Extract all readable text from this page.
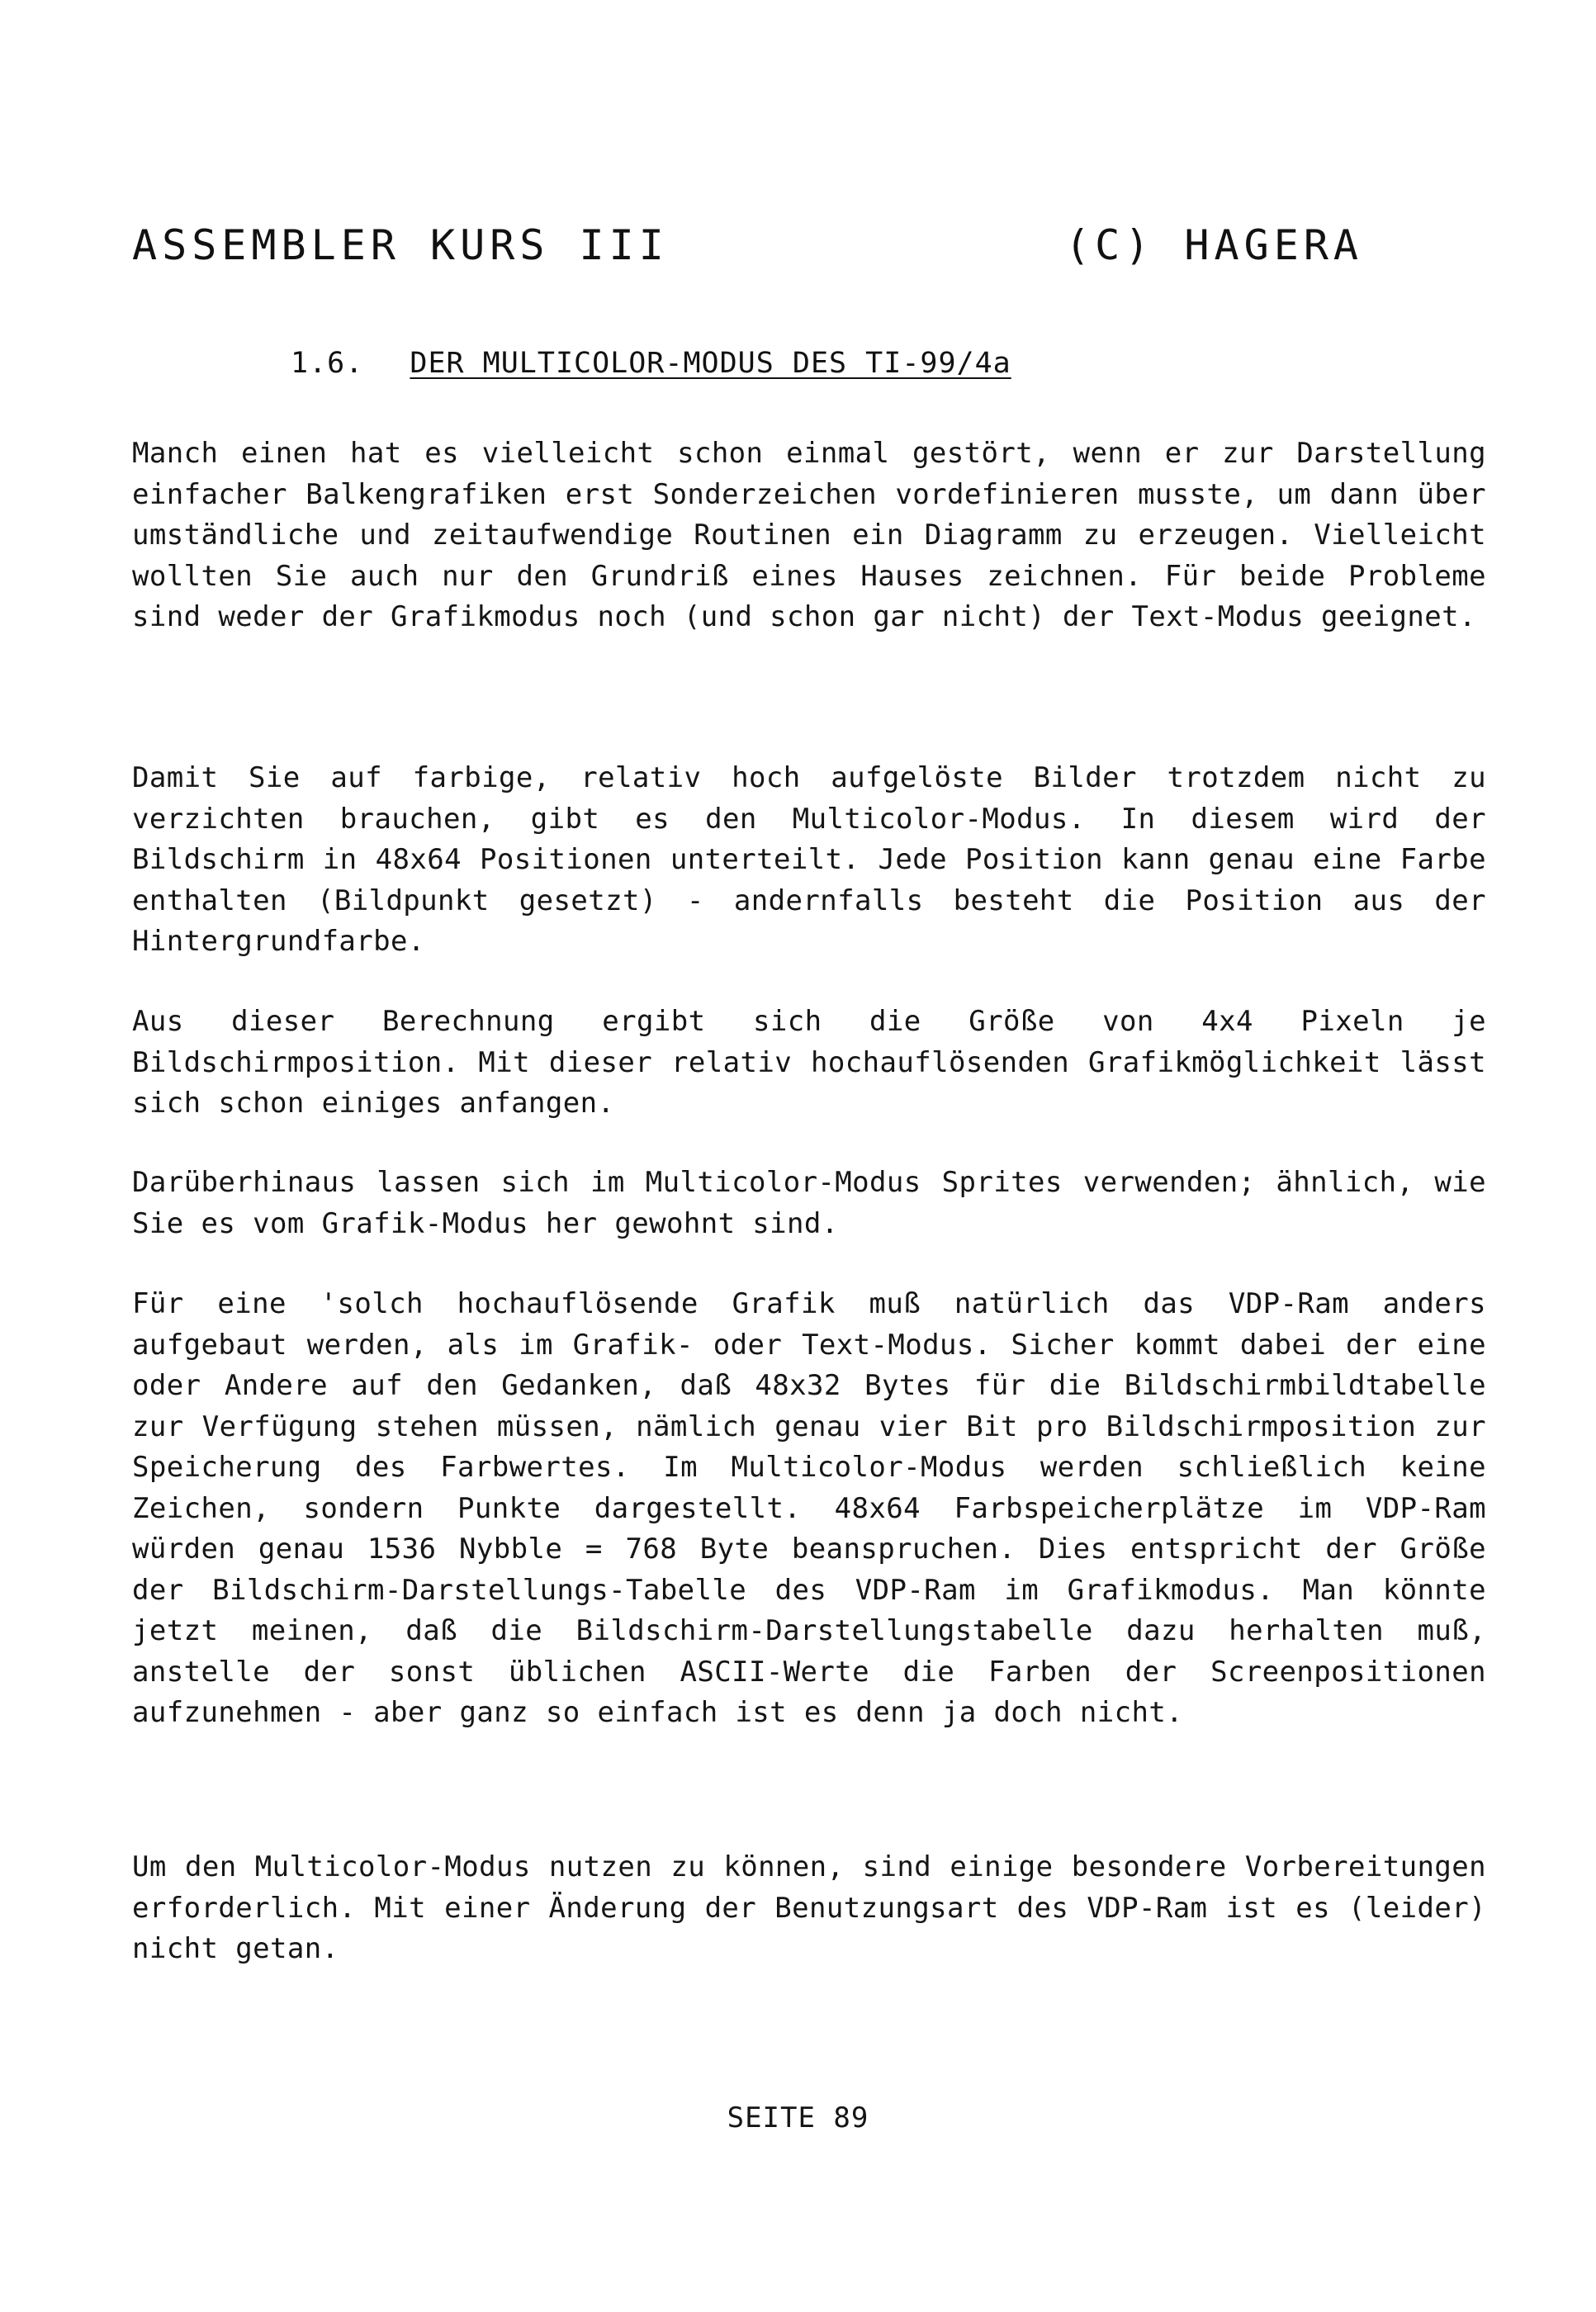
ASSEMBLER KURS III	(C) HAGERA
1.6. DER MULTICOLOR-MODUS DES TI-99/4a

Manch einen hat es vielleicht schon einmal gestört, wenn er zur Darstellung einfacher Balkengrafiken erst Sonderzeichen vordefinieren musste, um dann über umständliche und zeitaufwendige Routinen ein Diagramm zu erzeugen. Vielleicht wollten Sie auch nur den Grundriß eines Hauses zeichnen. Für beide Probleme sind weder der Grafikmodus noch (und schon gar nicht) der Text-Modus geeignet.

Damit Sie auf farbige, relativ hoch aufgelöste Bilder trotzdem nicht zu verzichten brauchen, gibt es den Multicolor-Modus. In diesem wird der Bildschirm in 48x64 Positionen unterteilt. Jede Position kann genau eine Farbe enthalten (Bildpunkt gesetzt) - andernfalls besteht die Position aus der Hintergrundfarbe.

Aus dieser Berechnung ergibt sich die Größe von 4x4 Pixeln je Bildschirmposition. Mit dieser relativ hochauflösenden Grafikmöglichkeit lässt sich schon einiges anfangen.

Darüberhinaus lassen sich im Multicolor-Modus Sprites verwenden; ähnlich, wie Sie es vom Grafik-Modus her gewohnt sind.

Für eine 'solch hochauflösende Grafik muß natürlich das VDP-Ram anders aufgebaut werden, als im Grafik- oder Text-Modus. Sicher kommt dabei der eine oder Andere auf den Gedanken, daß 48x32 Bytes für die Bildschirmbildtabelle zur Verfügung stehen müssen, nämlich genau vier Bit pro Bildschirmposition zur Speicherung des Farbwertes. Im Multicolor-Modus werden schließlich keine Zeichen, sondern Punkte dargestellt. 48x64 Farbspeicherplätze im VDP-Ram würden genau 1536 Nybble = 768 Byte beanspruchen. Dies entspricht der Größe der Bildschirm-Darstellungs-Tabelle des VDP-Ram im Grafikmodus. Man könnte jetzt meinen, daß die Bildschirm-Darstellungstabelle dazu herhalten muß, anstelle der sonst üblichen ASCII-Werte die Farben der Screenpositionen aufzunehmen - aber ganz so einfach ist es denn ja doch nicht.

Um den Multicolor-Modus nutzen zu können, sind einige besondere Vorbereitungen erforderlich. Mit einer Änderung der Benutzungsart des VDP-Ram ist es (leider) nicht getan.

SEITE 89
